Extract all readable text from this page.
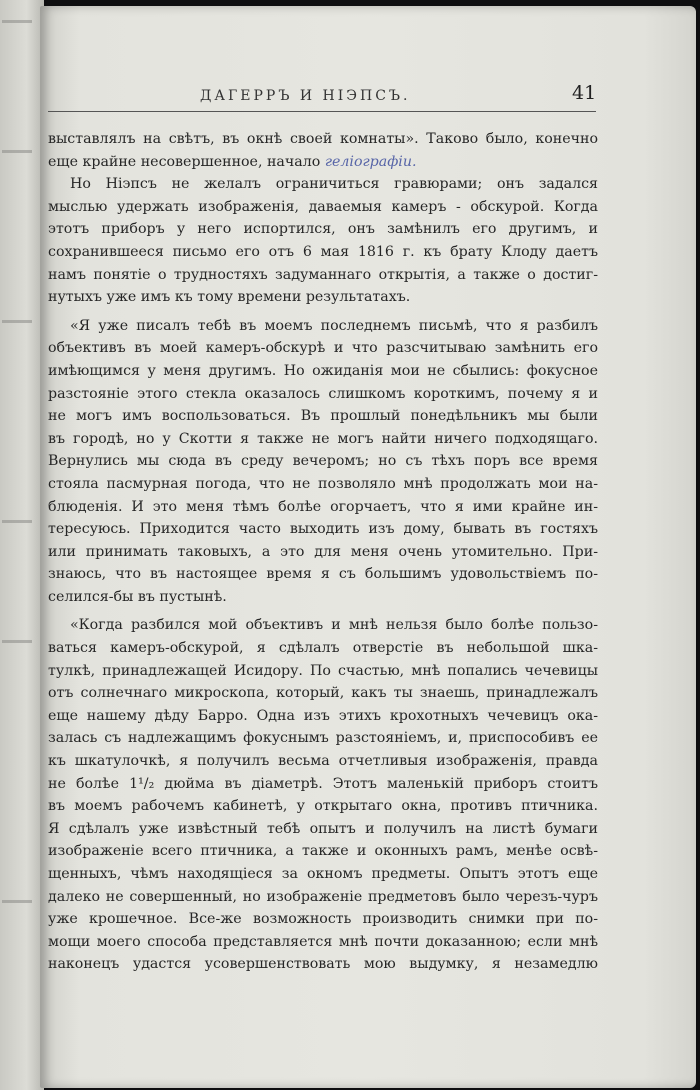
ДАГЕРРЪ И НІЭПСЪ.	41
выставлялъ на свѣтъ, въ окнѣ своей комнаты». Таково было, конечно
еще крайне несовершенное, начало геліографіи.
Но Ніэпсъ не желалъ ограничиться гравюрами; онъ задался
мыслью удержать изображенія, даваемыя камеръ - обскурой. Когда
этотъ приборъ у него испортился, онъ замѣнилъ его другимъ, и
сохранившееся письмо его отъ 6 мая 1816 г. къ брату Клоду даетъ
намъ понятіе о трудностяхъ задуманнаго открытія, а также о достиг-
нутыхъ уже имъ къ тому времени результатахъ.
«Я уже писалъ тебѣ въ моемъ последнемъ письмѣ, что я разбилъ
объективъ въ моей камеръ-обскурѣ и что разсчитываю замѣнить его
имѣющимся у меня другимъ. Но ожиданія мои не сбылись: фокусное
разстояніе этого стекла оказалось слишкомъ короткимъ, почему я и
не могъ имъ воспользоваться. Въ прошлый понедѣльникъ мы были
въ городѣ, но у Скотти я также не могъ найти ничего подходящаго.
Вернулись мы сюда въ среду вечеромъ; но съ тѣхъ поръ все время
стояла пасмурная погода, что не позволяло мнѣ продолжать мои на-
блюденія. И это меня тѣмъ болѣе огорчаетъ, что я ими крайне ин-
тересуюсь. Приходится часто выходить изъ дому, бывать въ гостяхъ
или принимать таковыхъ, а это для меня очень утомительно. При-
знаюсь, что въ настоящее время я съ большимъ удовольствіемъ по-
селился-бы въ пустынѣ.
«Когда разбился мой объективъ и мнѣ нельзя было болѣе пользо-
ваться камеръ-обскурой, я сдѣлалъ отверстіе въ небольшой шка-
тулкѣ, принадлежащей Исидору. По счастью, мнѣ попались чечевицы
отъ солнечнаго микроскопа, который, какъ ты знаешь, принадлежалъ
еще нашему дѣду Барро. Одна изъ этихъ крохотныхъ чечевицъ ока-
залась съ надлежащимъ фокуснымъ разстояніемъ, и, приспособивъ ее
къ шкатулочкѣ, я получилъ весьма отчетливыя изображенія, правда
не болѣе 1¹/₂ дюйма въ діаметрѣ. Этотъ маленькій приборъ стоитъ
въ моемъ рабочемъ кабинетѣ, у открытаго окна, противъ птичника.
Я сдѣлалъ уже извѣстный тебѣ опытъ и получилъ на листѣ бумаги
изображеніе всего птичника, а также и оконныхъ рамъ, менѣе освѣ-
щенныхъ, чѣмъ находящіеся за окномъ предметы. Опытъ этотъ еще
далеко не совершенный, но изображеніе предметовъ было черезъ-чуръ
уже крошечное. Все-же возможность производить снимки при по-
мощи моего способа представляется мнѣ почти доказанною; если мнѣ
наконецъ удастся усовершенствовать мою выдумку, я незамедлю
